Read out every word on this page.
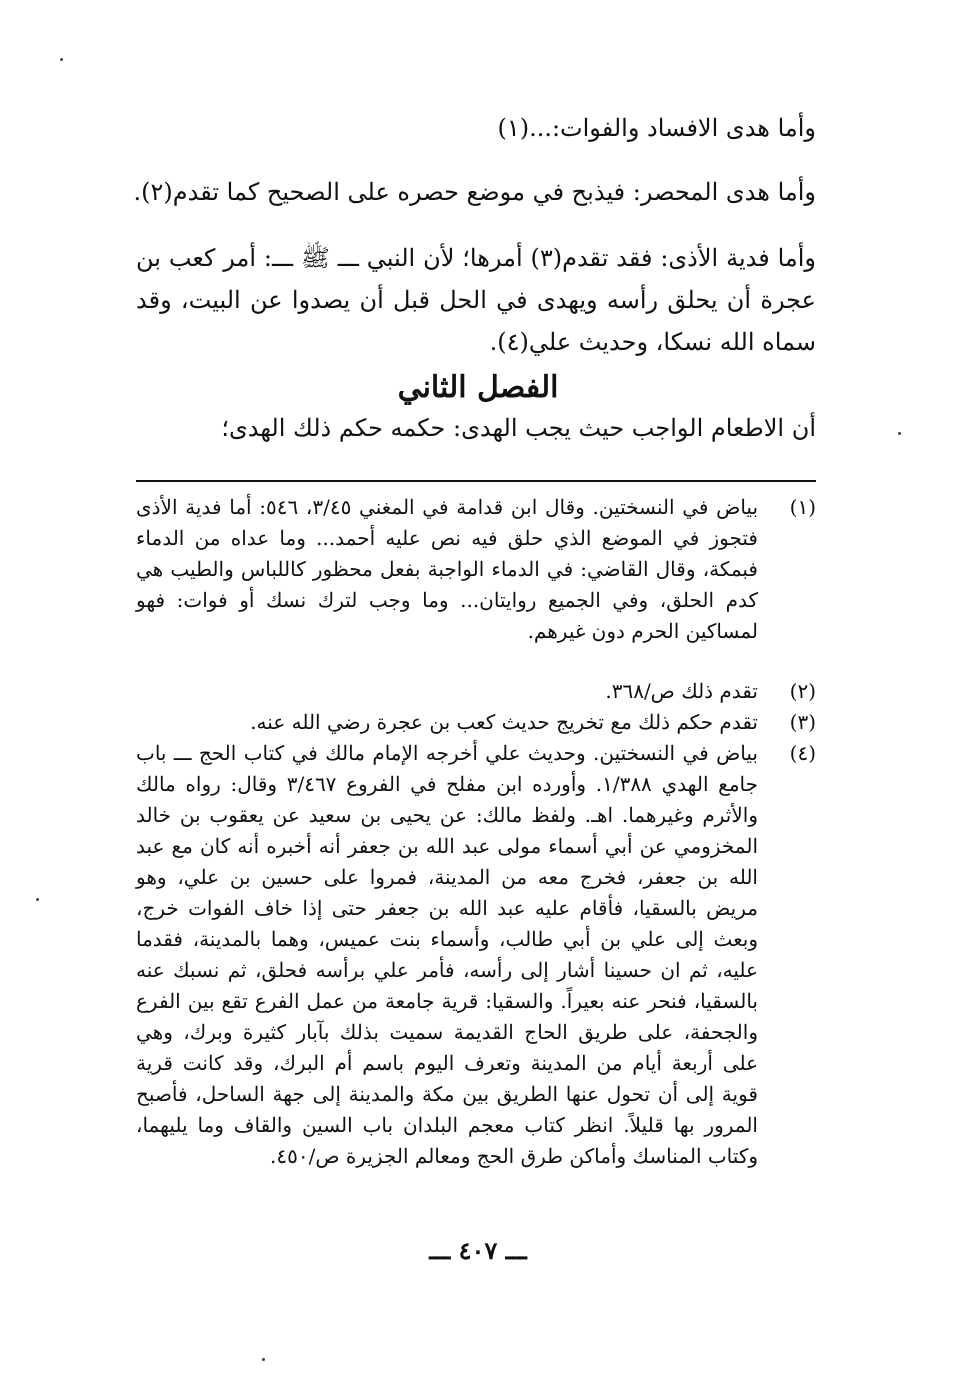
وأما هدى الافساد والفوات:...(١)
وأما هدى المحصر: فيذبح في موضع حصره على الصحيح كما تقدم(٢).
وأما فدية الأذى: فقد تقدم(٣) أمرها؛ لأن النبي ـــ ﷺ ـــ: أمر كعب بن عجرة أن يحلق رأسه ويهدى في الحل قبل أن يصدوا عن البيت، وقد سماه الله نسكا، وحديث علي(٤).
الفصل الثاني
أن الاطعام الواجب حيث يجب الهدى: حكمه حكم ذلك الهدى؛
(١)
بياض في النسختين. وقال ابن قدامة في المغني ٣/٤٥، ٥٤٦: أما فدية الأذى فتجوز في الموضع الذي حلق فيه نص عليه أحمد... وما عداه من الدماء فبمكة، وقال القاضي: في الدماء الواجبة بفعل محظور كاللباس والطيب هي كدم الحلق، وفي الجميع روايتان... وما وجب لترك نسك أو فوات: فهو لمساكين الحرم دون غيرهم.
(٢)
تقدم ذلك ص/٣٦٨.
(٣)
تقدم حكم ذلك مع تخريج حديث كعب بن عجرة رضي الله عنه.
(٤)
بياض في النسختين. وحديث علي أخرجه الإمام مالك في كتاب الحج ـــ باب جامع الهدي ١/٣٨٨. وأورده ابن مفلح في الفروع ٣/٤٦٧ وقال: رواه مالك والأثرم وغيرهما. اهـ. ولفظ مالك: عن يحيى بن سعيد عن يعقوب بن خالد المخزومي عن أبي أسماء مولى عبد الله بن جعفر أنه أخبره أنه كان مع عبد الله بن جعفر، فخرج معه من المدينة، فمروا على حسين بن علي، وهو مريض بالسقيا، فأقام عليه عبد الله بن جعفر حتى إذا خاف الفوات خرج، وبعث إلى علي بن أبي طالب، وأسماء بنت عميس، وهما بالمدينة، فقدما عليه، ثم ان حسينا أشار إلى رأسه، فأمر علي برأسه فحلق، ثم نسبك عنه بالسقيا، فنحر عنه بعيراً. والسقيا: قرية جامعة من عمل الفرع تقع بين الفرع والجحفة، على طريق الحاج القديمة سميت بذلك بآبار كثيرة وبرك، وهي على أربعة أيام من المدينة وتعرف اليوم باسم أم البرك، وقد كانت قرية قوية إلى أن تحول عنها الطريق بين مكة والمدينة إلى جهة الساحل، فأصبح المرور بها قليلاً. انظر كتاب معجم البلدان باب السين والقاف وما يليهما، وكتاب المناسك وأماكن طرق الحج ومعالم الجزيرة ص/٤٥٠.
ـــ ٤٠٧ ـــ
